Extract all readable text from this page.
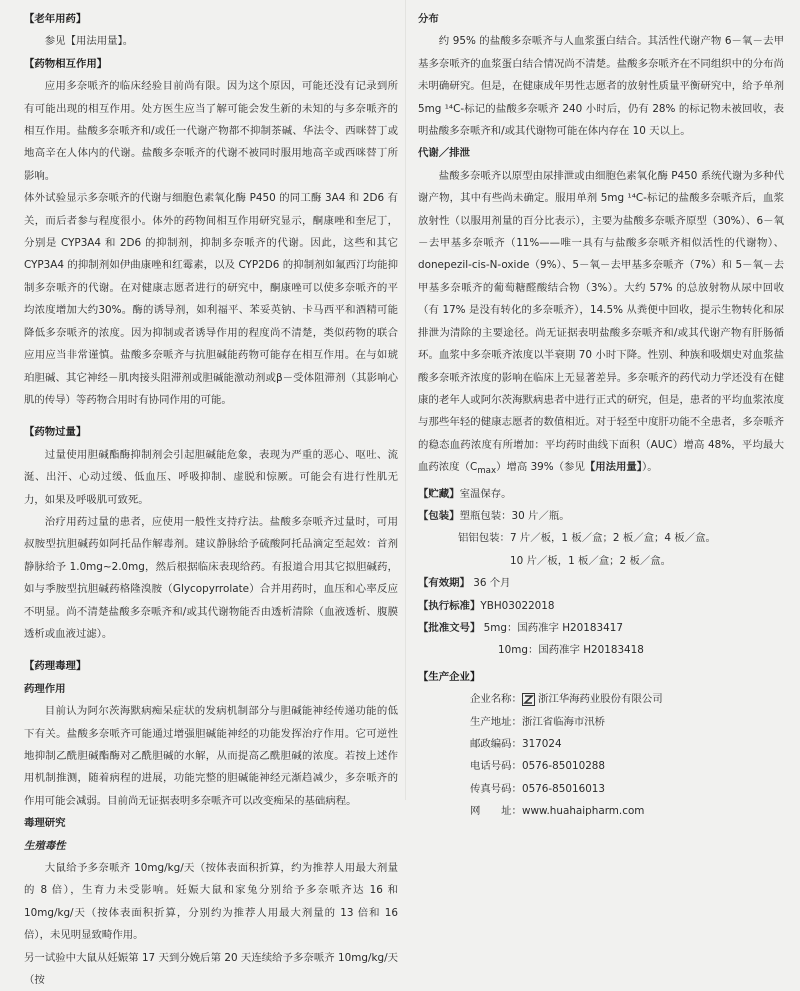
【老年用药】

参见【用法用量】。

【药物相互作用】

应用多奈哌齐的临床经验目前尚有限。因为这个原因，可能还没有记录到所有可能出现的相互作用。处方医生应当了解可能会发生新的未知的与多奈哌齐的相互作用。盐酸多奈哌齐和/或任一代谢产物都不抑制茶碱、华法令、西咪替丁或地高辛在人体内的代谢。盐酸多奈哌齐的代谢不被同时服用地高辛或西咪替丁所影响。

体外试验显示多奈哌齐的代谢与细胞色素氧化酶 P450 的同工酶 3A4 和 2D6 有关，而后者参与程度很小。体外的药物间相互作用研究显示，酮康唑和奎尼丁，分别是 CYP3A4 和 2D6 的抑制剂，抑制多奈哌齐的代谢。因此，这些和其它 CYP3A4 的抑制剂如伊曲康唑和红霉素，以及 CYP2D6 的抑制剂如氟西汀均能抑制多奈哌齐的代谢。在对健康志愿者进行的研究中，酮康唑可以使多奈哌齐的平均浓度增加大约30%。酶的诱导剂，如利福平、苯妥英钠、卡马西平和酒精可能降低多奈哌齐的浓度。因为抑制或者诱导作用的程度尚不清楚，类似药物的联合应用应当非常谨慎。盐酸多奈哌齐与抗胆碱能药物可能存在相互作用。在与如琥珀胆碱、其它神经－肌肉接头阻滞剂或胆碱能激动剂或β－受体阻滞剂（其影响心肌的传导）等药物合用时有协同作用的可能。

【药物过量】

过量使用胆碱酯酶抑制剂会引起胆碱能危象，表现为严重的恶心、呕吐、流涎、出汗、心动过缓、低血压、呼吸抑制、虚脱和惊厥。可能会有进行性肌无力，如果及呼吸肌可致死。

治疗用药过量的患者，应使用一般性支持疗法。盐酸多奈哌齐过量时，可用叔胺型抗胆碱药如阿托品作解毒剂。建议静脉给予硫酸阿托品滴定至起效：首剂静脉给予 1.0mg~2.0mg，然后根据临床表现给药。有报道合用其它拟胆碱药，如与季胺型抗胆碱药格隆溴胺（Glycopyrrolate）合并用药时，血压和心率反应不明显。尚不清楚盐酸多奈哌齐和/或其代谢物能否由透析清除（血液透析、腹膜透析或血液过滤）。

【药理毒理】
药理作用

目前认为阿尔茨海默病痴呆症状的发病机制部分与胆碱能神经传递功能的低下有关。盐酸多奈哌齐可能通过增强胆碱能神经的功能发挥治疗作用。它可逆性地抑制乙酰胆碱酯酶对乙酰胆碱的水解，从而提高乙酰胆碱的浓度。若按上述作用机制推测，随着病程的进展，功能完整的胆碱能神经元渐趋减少，多奈哌齐的作用可能会减弱。目前尚无证据表明多奈哌齐可以改变痴呆的基础病程。

毒理研究
生殖毒性

大鼠给予多奈哌齐 10mg/kg/天（按体表面积折算，约为推荐人用最大剂量的 8 倍），生育力未受影响。妊娠大鼠和家兔分别给予多奈哌齐达 16 和 10mg/kg/天（按体表面积折算，分别约为推荐人用最大剂量的 13 倍和 16 倍），未见明显致畸作用。

另一试验中大鼠从妊娠第 17 天到分娩后第 20 天连续给予多奈哌齐 10mg/kg/天（按

分布

约 95% 的盐酸多奈哌齐与人血浆蛋白结合。其活性代谢产物 6－氧－去甲基多奈哌齐的血浆蛋白结合情况尚不清楚。盐酸多奈哌齐在不同组织中的分布尚未明确研究。但是，在健康成年男性志愿者的放射性质量平衡研究中，给予单剂 5mg ¹⁴C-标记的盐酸多奈哌齐 240 小时后，仍有 28% 的标记物未被回收，表明盐酸多奈哌齐和/或其代谢物可能在体内存在 10 天以上。

代谢／排泄

盐酸多奈哌齐以原型由尿排泄或由细胞色素氧化酶 P450 系统代谢为多种代谢产物，其中有些尚未确定。服用单剂 5mg ¹⁴C-标记的盐酸多奈哌齐后，血浆放射性（以服用剂量的百分比表示），主要为盐酸多奈哌齐原型（30%）、6－氧－去甲基多奈哌齐（11%——唯一具有与盐酸多奈哌齐相似活性的代谢物）、donepezil-cis-N-oxide（9%）、5－氧－去甲基多奈哌齐（7%）和 5－氧－去甲基多奈哌齐的葡萄糖醛酸结合物（3%）。大约 57% 的总放射物从尿中回收（有 17% 是没有转化的多奈哌齐），14.5% 从粪便中回收，提示生物转化和尿排泄为清除的主要途径。尚无证据表明盐酸多奈哌齐和/或其代谢产物有肝肠循环。血浆中多奈哌齐浓度以半衰期 70 小时下降。性别、种族和吸烟史对血浆盐酸多奈哌齐浓度的影响在临床上无显著差异。多奈哌齐的药代动力学还没有在健康的老年人或阿尔茨海默病患者中进行正式的研究，但是，患者的平均血浆浓度与那些年轻的健康志愿者的数值相近。对于轻至中度肝功能不全患者，多奈哌齐的稳态血药浓度有所增加：平均药时曲线下面积（AUC）增高 48%，平均最大血药浓度$(C_{max})$增高 39%（参见【用法用量】）。

【贮藏】室温保存。
【包装】塑瓶包装：30 片／瓶。
铝铝包装：7 片／板，1 板／盒；2 板／盒；4 板／盒。
10 片／板，1 板／盒；2 板／盒。
【有效期】 36 个月
【执行标准】YBH03022018
【批准文号】 5mg：国药准字 H20183417
10mg：国药准字 H20183418
【生产企业】
企业名称： 浙江华海药业股份有限公司
生产地址： 浙江省临海市汛桥
邮政编码： 317024
电话号码： 0576-85010288
传真号码： 0576-85016013
网　　址： www.huahaipharm.com
